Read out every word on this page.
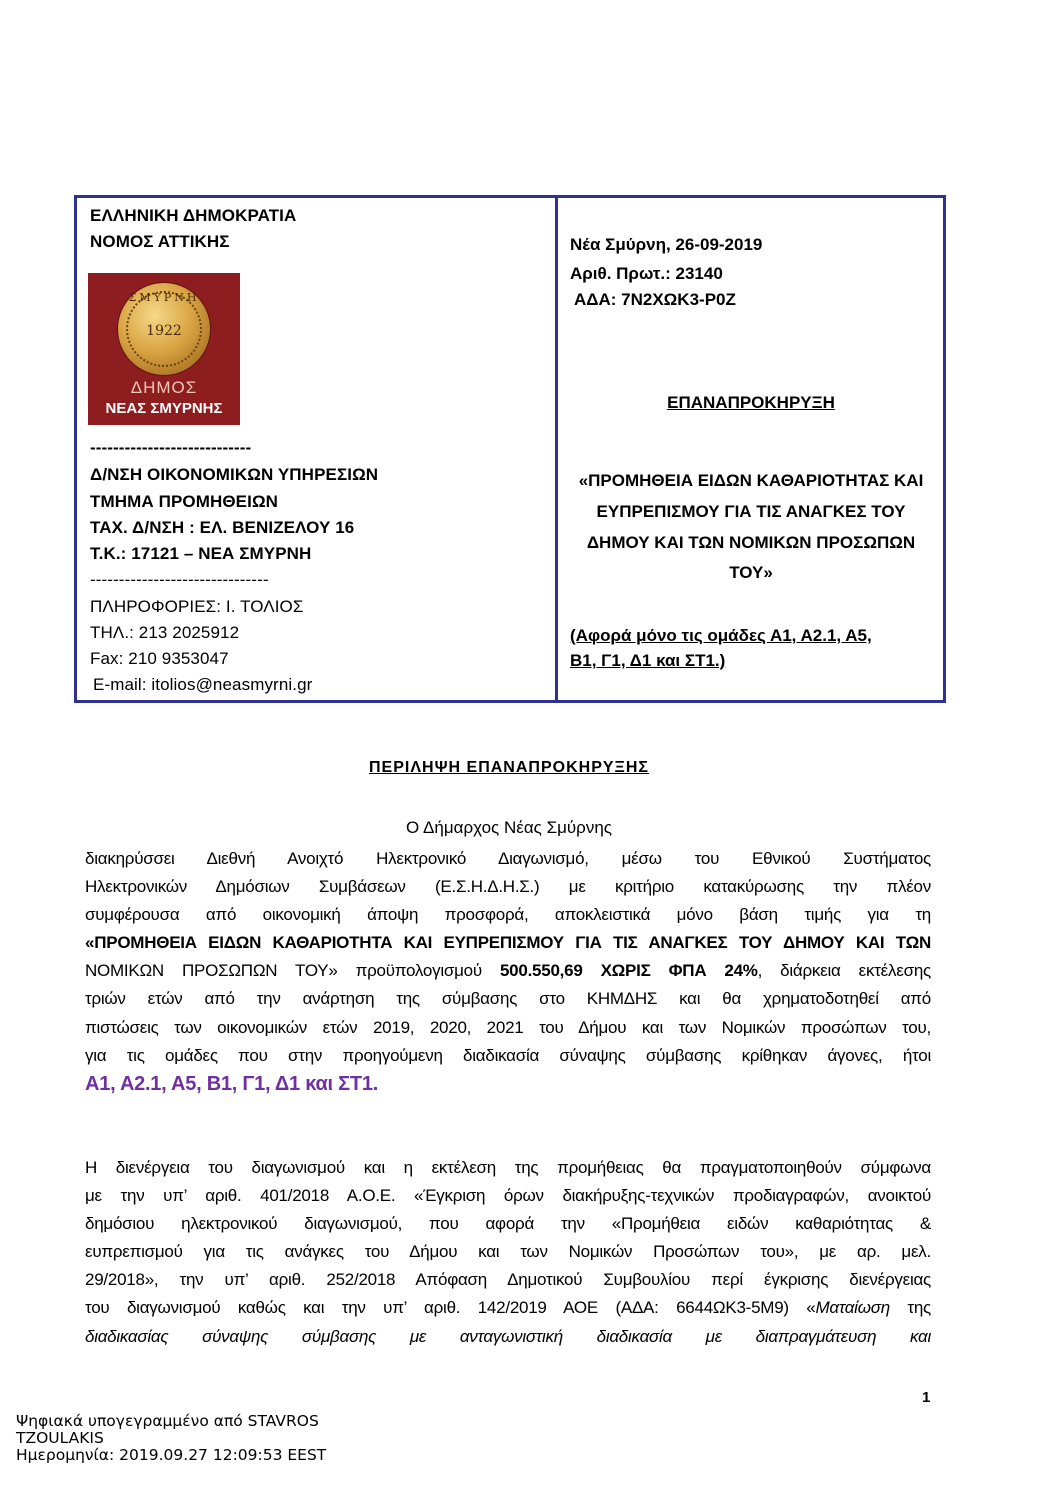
ΕΛΛΗΝΙΚΗ ΔΗΜΟΚΡΑΤΙΑ
ΝΟΜΟΣ ΑΤΤΙΚΗΣ
ΣΜΥΡΝΗ
1922
ΔΗΜΟΣ
ΝΕΑΣ ΣΜΥΡΝΗΣ
----------------------------
Δ/ΝΣΗ ΟΙΚΟΝΟΜΙΚΩΝ ΥΠΗΡΕΣΙΩΝ
ΤΜΗΜΑ ΠΡΟΜΗΘΕΙΩΝ
ΤΑΧ. Δ/ΝΣΗ : ΕΛ. ΒΕΝΙΖΕΛΟΥ 16
Τ.Κ.: 17121 – ΝΕΑ ΣΜΥΡΝΗ
-------------------------------
ΠΛΗΡΟΦΟΡΙΕΣ: Ι. ΤΟΛΙΟΣ
ΤΗΛ.: 213 2025912
Fax: 210 9353047
E-mail: itolios@neasmyrni.gr
Νέα Σμύρνη, 26-09-2019
Αριθ. Πρωτ.: 23140
ΑΔΑ: 7Ν2ΧΩΚ3-Ρ0Ζ
ΕΠΑΝΑΠΡΟΚΗΡΥΞΗ
«ΠΡΟΜΗΘΕΙΑ ΕΙΔΩΝ ΚΑΘΑΡΙΟΤΗΤΑΣ ΚΑΙ
ΕΥΠΡΕΠΙΣΜΟΥ ΓΙΑ ΤΙΣ ΑΝΑΓΚΕΣ ΤΟΥ
ΔΗΜΟΥ ΚΑΙ ΤΩΝ ΝΟΜΙΚΩΝ ΠΡΟΣΩΠΩΝ
ΤΟΥ»
(Αφορά μόνο τις ομάδες Α1, Α2.1, Α5,
Β1, Γ1, Δ1 και ΣΤ1.)
ΠΕΡΙΛΗΨΗ ΕΠΑΝΑΠΡΟΚΗΡΥΞΗΣ
Ο Δήμαρχος Νέας Σμύρνης
διακηρύσσει Διεθνή Ανοιχτό Ηλεκτρονικό Διαγωνισμό, μέσω του Εθνικού Συστήματος
Ηλεκτρονικών Δημόσιων Συμβάσεων (Ε.Σ.Η.Δ.Η.Σ.) με κριτήριο κατακύρωσης την πλέον
συμφέρουσα από οικονομική άποψη προσφορά, αποκλειστικά μόνο βάση τιμής για τη
«ΠΡΟΜΗΘΕΙΑ ΕΙΔΩΝ ΚΑΘΑΡΙΟΤΗΤΑ ΚΑΙ ΕΥΠΡΕΠΙΣΜΟΥ ΓΙΑ ΤΙΣ ΑΝΑΓΚΕΣ ΤΟΥ ΔΗΜΟΥ ΚΑΙ ΤΩΝ
ΝΟΜΙΚΩΝ ΠΡΟΣΩΠΩΝ ΤΟΥ» προϋπολογισμού 500.550,69 ΧΩΡΙΣ ΦΠΑ 24%, διάρκεια εκτέλεσης
τριών ετών από την ανάρτηση της σύμβασης στο ΚΗΜΔΗΣ και θα χρηματοδοτηθεί από
πιστώσεις των οικονομικών ετών 2019, 2020, 2021 του Δήμου και των Νομικών προσώπων του,
για τις ομάδες που στην προηγούμενη διαδικασία σύναψης σύμβασης κρίθηκαν άγονες, ήτοι
Α1, Α2.1, Α5, Β1, Γ1, Δ1 και ΣΤ1.
Η διενέργεια του διαγωνισμού και η εκτέλεση της προμήθειας θα πραγματοποιηθούν σύμφωνα
με την υπ’ αριθ. 401/2018 Α.Ο.Ε. «Έγκριση όρων διακήρυξης-τεχνικών προδιαγραφών, ανοικτού
δημόσιου ηλεκτρονικού διαγωνισμού, που αφορά την «Προμήθεια ειδών καθαριότητας &
ευπρεπισμού για τις ανάγκες του Δήμου και των Νομικών Προσώπων του», με αρ. μελ.
29/2018», την υπ’ αριθ. 252/2018 Απόφαση Δημοτικού Συμβουλίου περί έγκρισης διενέργειας
του διαγωνισμού καθώς και την υπ’ αριθ. 142/2019 ΑΟΕ (ΑΔΑ: 6644ΩΚ3-5Μ9) «Ματαίωση της
διαδικασίας σύναψης σύμβασης με ανταγωνιστική διαδικασία με διαπραγμάτευση και
1
Ψηφιακά υπογεγραμμένο από STAVROS
TZOULAKIS
Ημερομηνία: 2019.09.27 12:09:53 EEST
